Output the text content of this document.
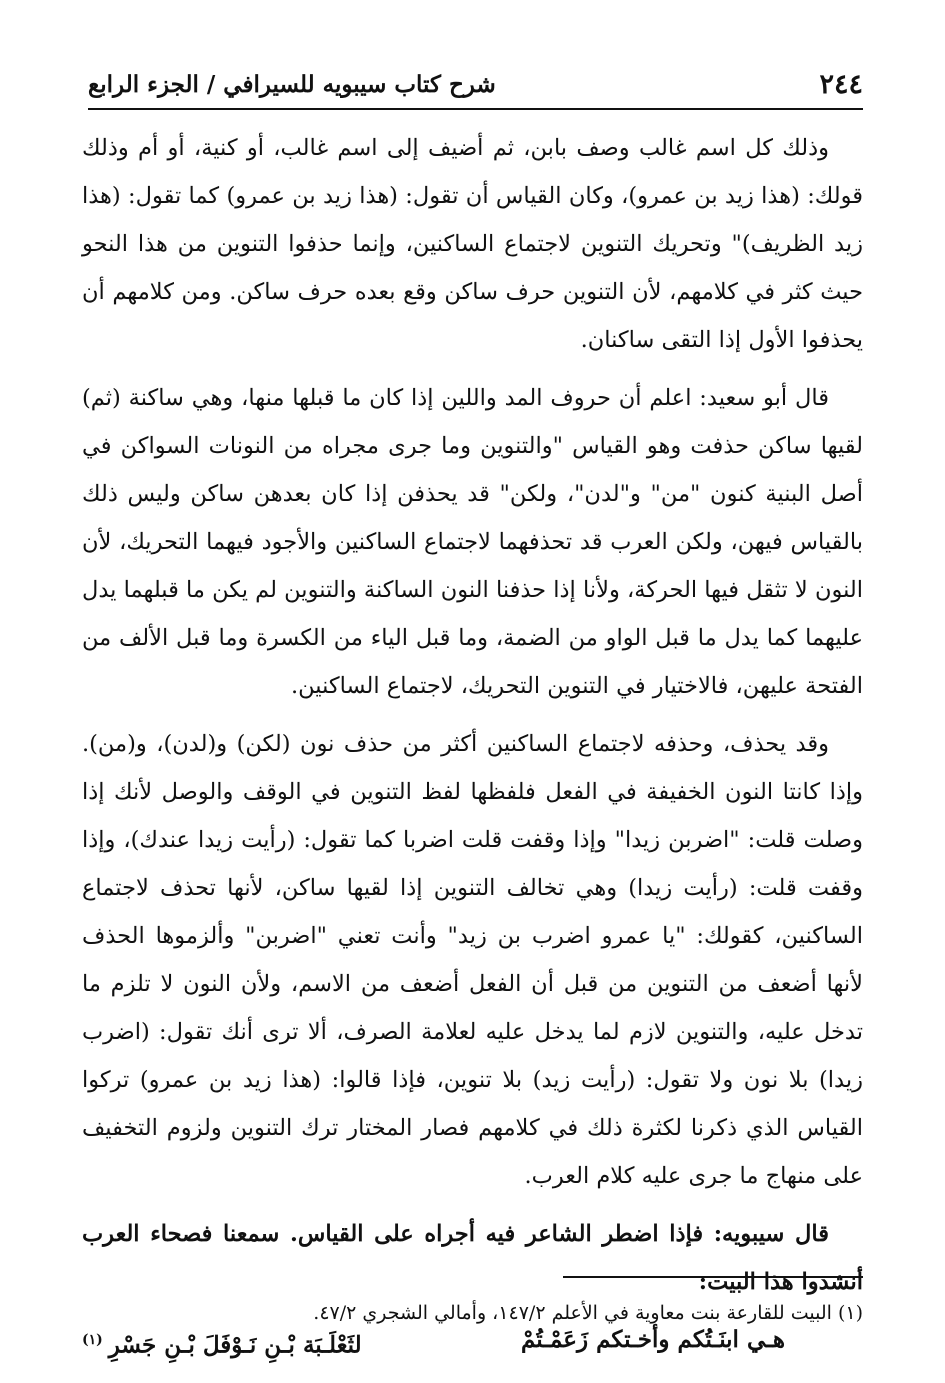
٢٤٤
شرح كتاب سيبويه للسيرافي / الجزء الرابع

وذلك كل اسم غالب وصف بابن، ثم أضيف إلى اسم غالب، أو كنية، أو أم وذلك قولك: (هذا زيد بن عمرو)، وكان القياس أن تقول: (هذا زيد بن عمرو) كما تقول: (هذا زيد الظريف)" وتحريك التنوين لاجتماع الساكنين، وإنما حذفوا التنوين من هذا النحو حيث كثر في كلامهم، لأن التنوين حرف ساكن وقع بعده حرف ساكن. ومن كلامهم أن يحذفوا الأول إذا التقى ساكنان.

قال أبو سعيد: اعلم أن حروف المد واللين إذا كان ما قبلها منها، وهي ساكنة (ثم) لقيها ساكن حذفت وهو القياس "والتنوين وما جرى مجراه من النونات السواكن في أصل البنية كنون "من" و"لدن"، ولكن" قد يحذفن إذا كان بعدهن ساكن وليس ذلك بالقياس فيهن، ولكن العرب قد تحذفهما لاجتماع الساكنين والأجود فيهما التحريك، لأن النون لا تثقل فيها الحركة، ولأنا إذا حذفنا النون الساكنة والتنوين لم يكن ما قبلهما يدل عليهما كما يدل ما قبل الواو من الضمة، وما قبل الياء من الكسرة وما قبل الألف من الفتحة عليهن، فالاختيار في التنوين التحريك، لاجتماع الساكنين.

وقد يحذف، وحذفه لاجتماع الساكنين أكثر من حذف نون (لكن) و(لدن)، و(من). وإذا كانتا النون الخفيفة في الفعل فلفظها لفظ التنوين في الوقف والوصل لأنك إذا وصلت قلت: "اضربن زيدا" وإذا وقفت قلت اضربا كما تقول: (رأيت زيدا عندك)، وإذا وقفت قلت: (رأيت زيدا) وهي تخالف التنوين إذا لقيها ساكن، لأنها تحذف لاجتماع الساكنين، كقولك: "يا عمرو اضرب بن زيد" وأنت تعني "اضربن" وألزموها الحذف لأنها أضعف من التنوين من قبل أن الفعل أضعف من الاسم، ولأن النون لا تلزم ما تدخل عليه، والتنوين لازم لما يدخل عليه لعلامة الصرف، ألا ترى أنك تقول: (اضرب زيدا) بلا نون ولا تقول: (رأيت زيد) بلا تنوين، فإذا قالوا: (هذا زيد بن عمرو) تركوا القياس الذي ذكرنا لكثرة ذلك في كلامهم فصار المختار ترك التنوين ولزوم التخفيف على منهاج ما جرى عليه كلام العرب.

قال سيبويه: فإذا اضطر الشاعر فيه أجراه على القياس. سمعنا فصحاء العرب أنشدوا هذا البيت:

هـي ابنَـتُكم وأخـتكم زَعَمْـتُمْ
لثَعْلَـبَة بْـنِ نَـوْفَلَ بْـنِ جَسْرِ$^{(١)}$
(١) البيت للقارعة بنت معاوية في الأعلم ١٤٧/٢، وأمالي الشجري ٤٧/٢.
